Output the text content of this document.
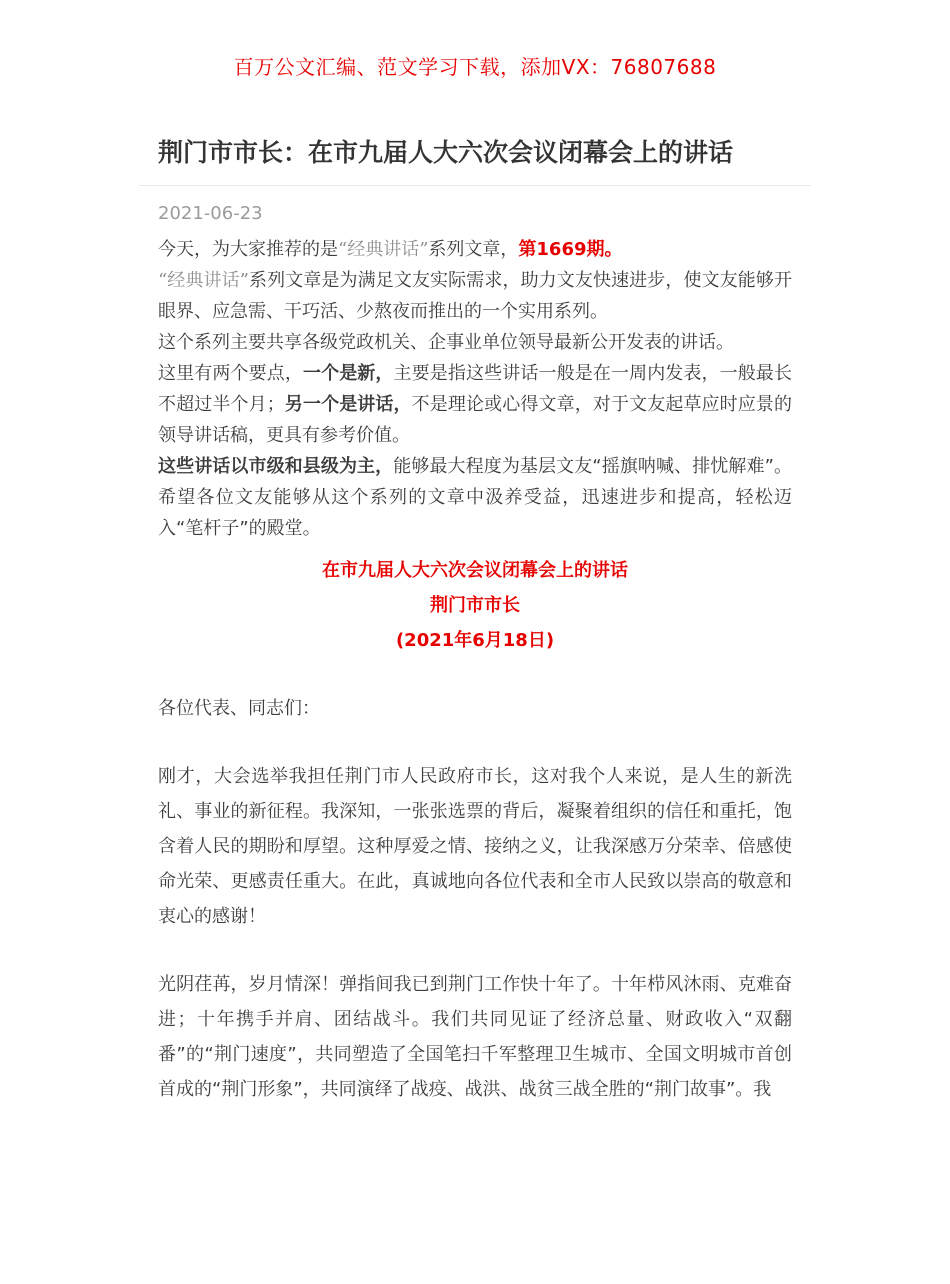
百万公文汇编、范文学习下载，添加VX：76807688
荆门市市长：在市九届人大六次会议闭幕会上的讲话
2021-06-23

今天，为大家推荐的是“经典讲话”系列文章，第1669期。

“经典讲话”系列文章是为满足文友实际需求，助力文友快速进步，使文友能够开眼界、应急需、干巧活、少熬夜而推出的一个实用系列。

这个系列主要共享各级党政机关、企事业单位领导最新公开发表的讲话。

这里有两个要点，一个是新，主要是指这些讲话一般是在一周内发表，一般最长不超过半个月；另一个是讲话，不是理论或心得文章，对于文友起草应时应景的领导讲话稿，更具有参考价值。

这些讲话以市级和县级为主，能够最大程度为基层文友“摇旗呐喊、排忧解难”。希望各位文友能够从这个系列的文章中汲养受益，迅速进步和提高，轻松迈入“笔杆子”的殿堂。

在市九届人大六次会议闭幕会上的讲话
荆门市市长
(2021年6月18日)

各位代表、同志们：

刚才，大会选举我担任荆门市人民政府市长，这对我个人来说，是人生的新洗礼、事业的新征程。我深知，一张张选票的背后，凝聚着组织的信任和重托，饱含着人民的期盼和厚望。这种厚爱之情、接纳之义，让我深感万分荣幸、倍感使命光荣、更感责任重大。在此，真诚地向各位代表和全市人民致以崇高的敬意和衷心的感谢！

光阴荏苒，岁月情深！弹指间我已到荆门工作快十年了。十年栉风沐雨、克难奋进；十年携手并肩、团结战斗。我们共同见证了经济总量、财政收入“双翻番”的“荆门速度”，共同塑造了全国笔扫千军整理卫生城市、全国文明城市首创首成的“荆门形象”，共同演绎了战疫、战洪、战贫三战全胜的“荆门故事”。我
